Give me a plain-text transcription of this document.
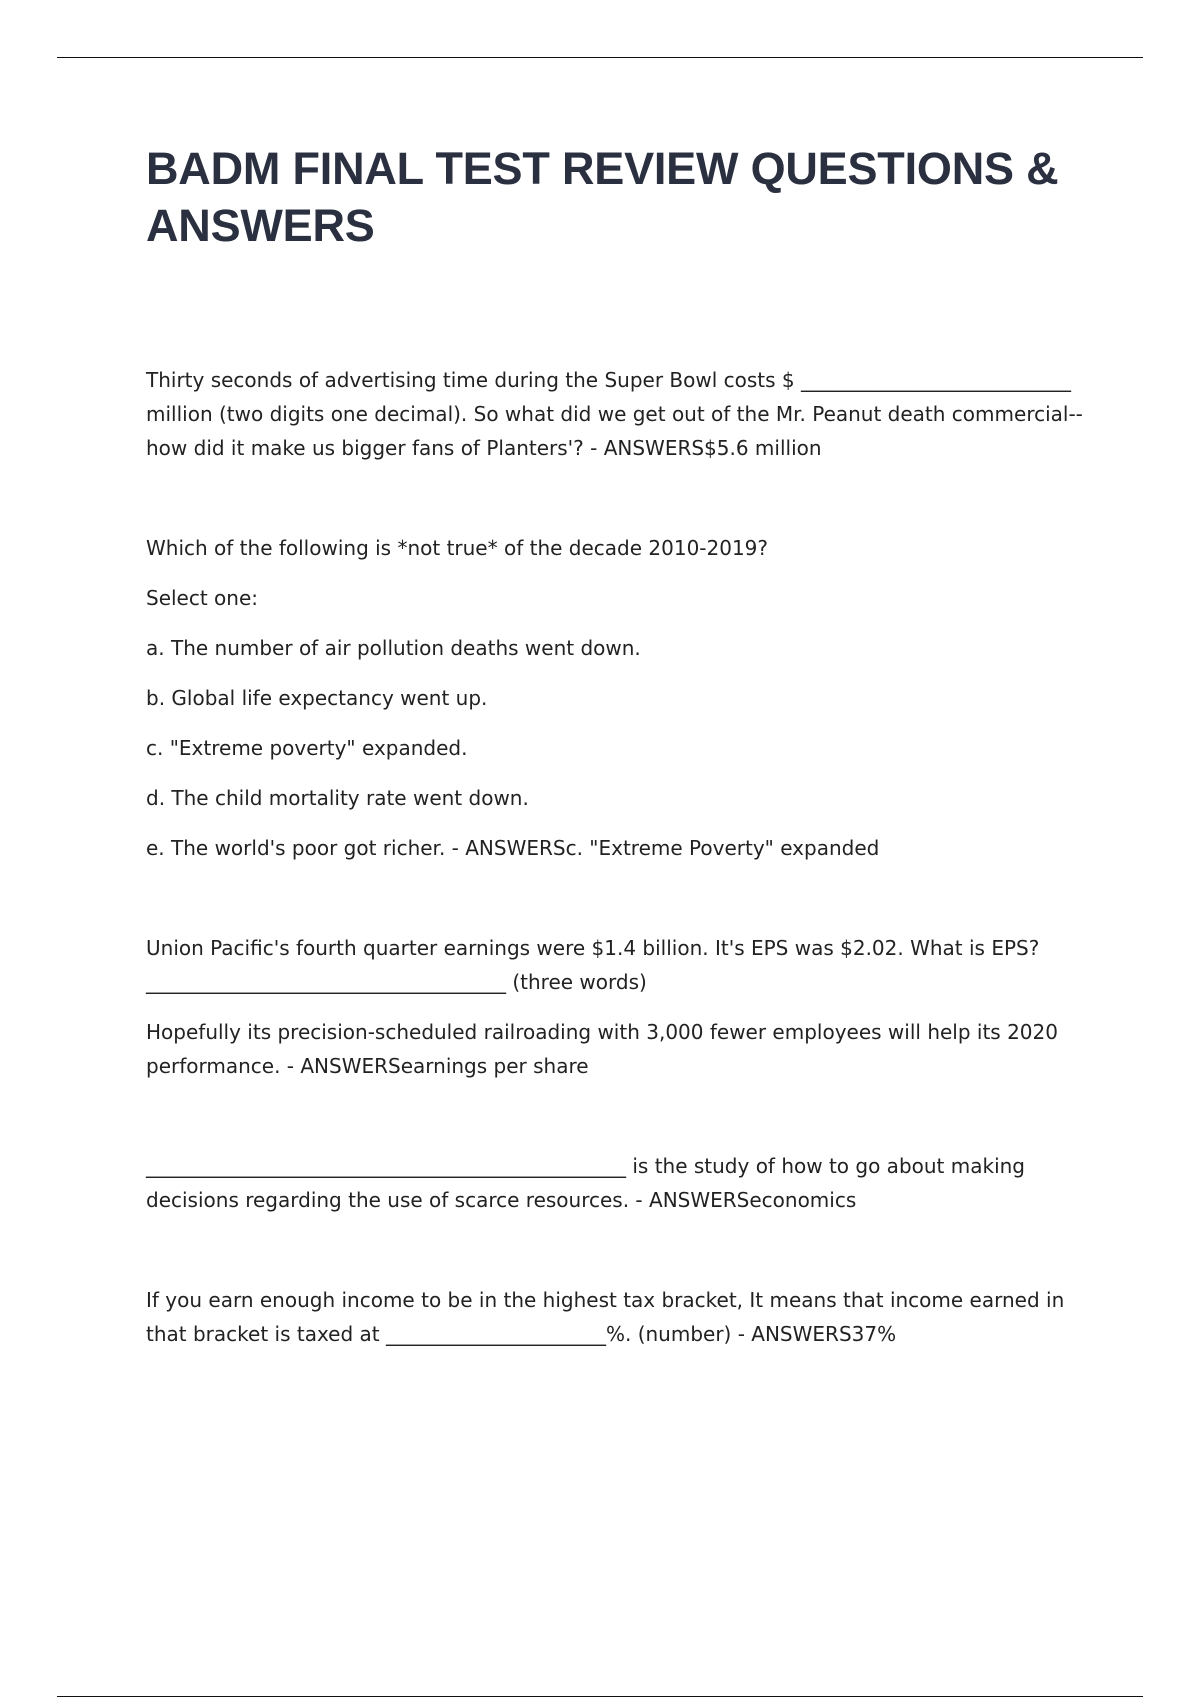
BADM FINAL TEST REVIEW QUESTIONS & ANSWERS

Thirty seconds of advertising time during the Super Bowl costs $ ___________________________ million (two digits one decimal). So what did we get out of the Mr. Peanut death commercial--how did it make us bigger fans of Planters'? - ANSWERS$5.6 million

Which of the following is *not true* of the decade 2010-2019?

Select one:

a. The number of air pollution deaths went down.

b. Global life expectancy went up.

c. "Extreme poverty" expanded.

d. The child mortality rate went down.

e. The world's poor got richer. - ANSWERSc. "Extreme Poverty" expanded

Union Pacific's fourth quarter earnings were $1.4 billion. It's EPS was $2.02. What is EPS? ____________________________________ (three words)

Hopefully its precision-scheduled railroading with 3,000 fewer employees will help its 2020 performance. - ANSWERSearnings per share

________________________________________________ is the study of how to go about making decisions regarding the use of scarce resources. - ANSWERSeconomics

If you earn enough income to be in the highest tax bracket, It means that income earned in that bracket is taxed at ______________________%. (number) - ANSWERS37%
